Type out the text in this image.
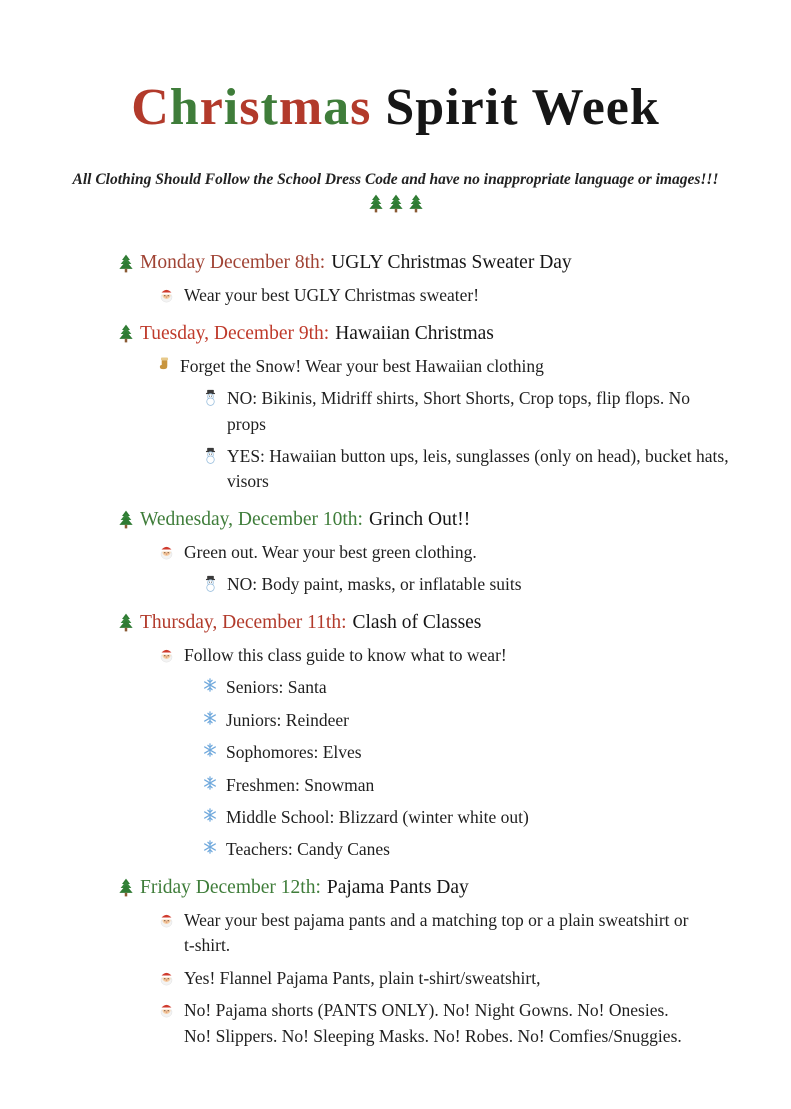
Christmas Spirit Week
All Clothing Should Follow the School Dress Code and have no inappropriate language or images!!!
Monday December 8th: UGLY Christmas Sweater Day
Wear your best UGLY Christmas sweater!
Tuesday, December 9th: Hawaiian Christmas
Forget the Snow! Wear your best Hawaiian clothing
NO: Bikinis, Midriff shirts, Short Shorts, Crop tops, flip flops. No props
YES: Hawaiian button ups, leis, sunglasses (only on head), bucket hats, visors
Wednesday, December 10th: Grinch Out!!
Green out. Wear your best green clothing.
NO: Body paint, masks, or inflatable suits
Thursday, December 11th: Clash of Classes
Follow this class guide to know what to wear!
Seniors: Santa
Juniors: Reindeer
Sophomores: Elves
Freshmen: Snowman
Middle School: Blizzard (winter white out)
Teachers: Candy Canes
Friday December 12th: Pajama Pants Day
Wear your best pajama pants and a matching top or a plain sweatshirt or t-shirt.
Yes! Flannel Pajama Pants, plain t-shirt/sweatshirt,
No! Pajama shorts (PANTS ONLY). No! Night Gowns. No! Onesies. No! Slippers. No! Sleeping Masks. No! Robes. No! Comfies/Snuggies.
